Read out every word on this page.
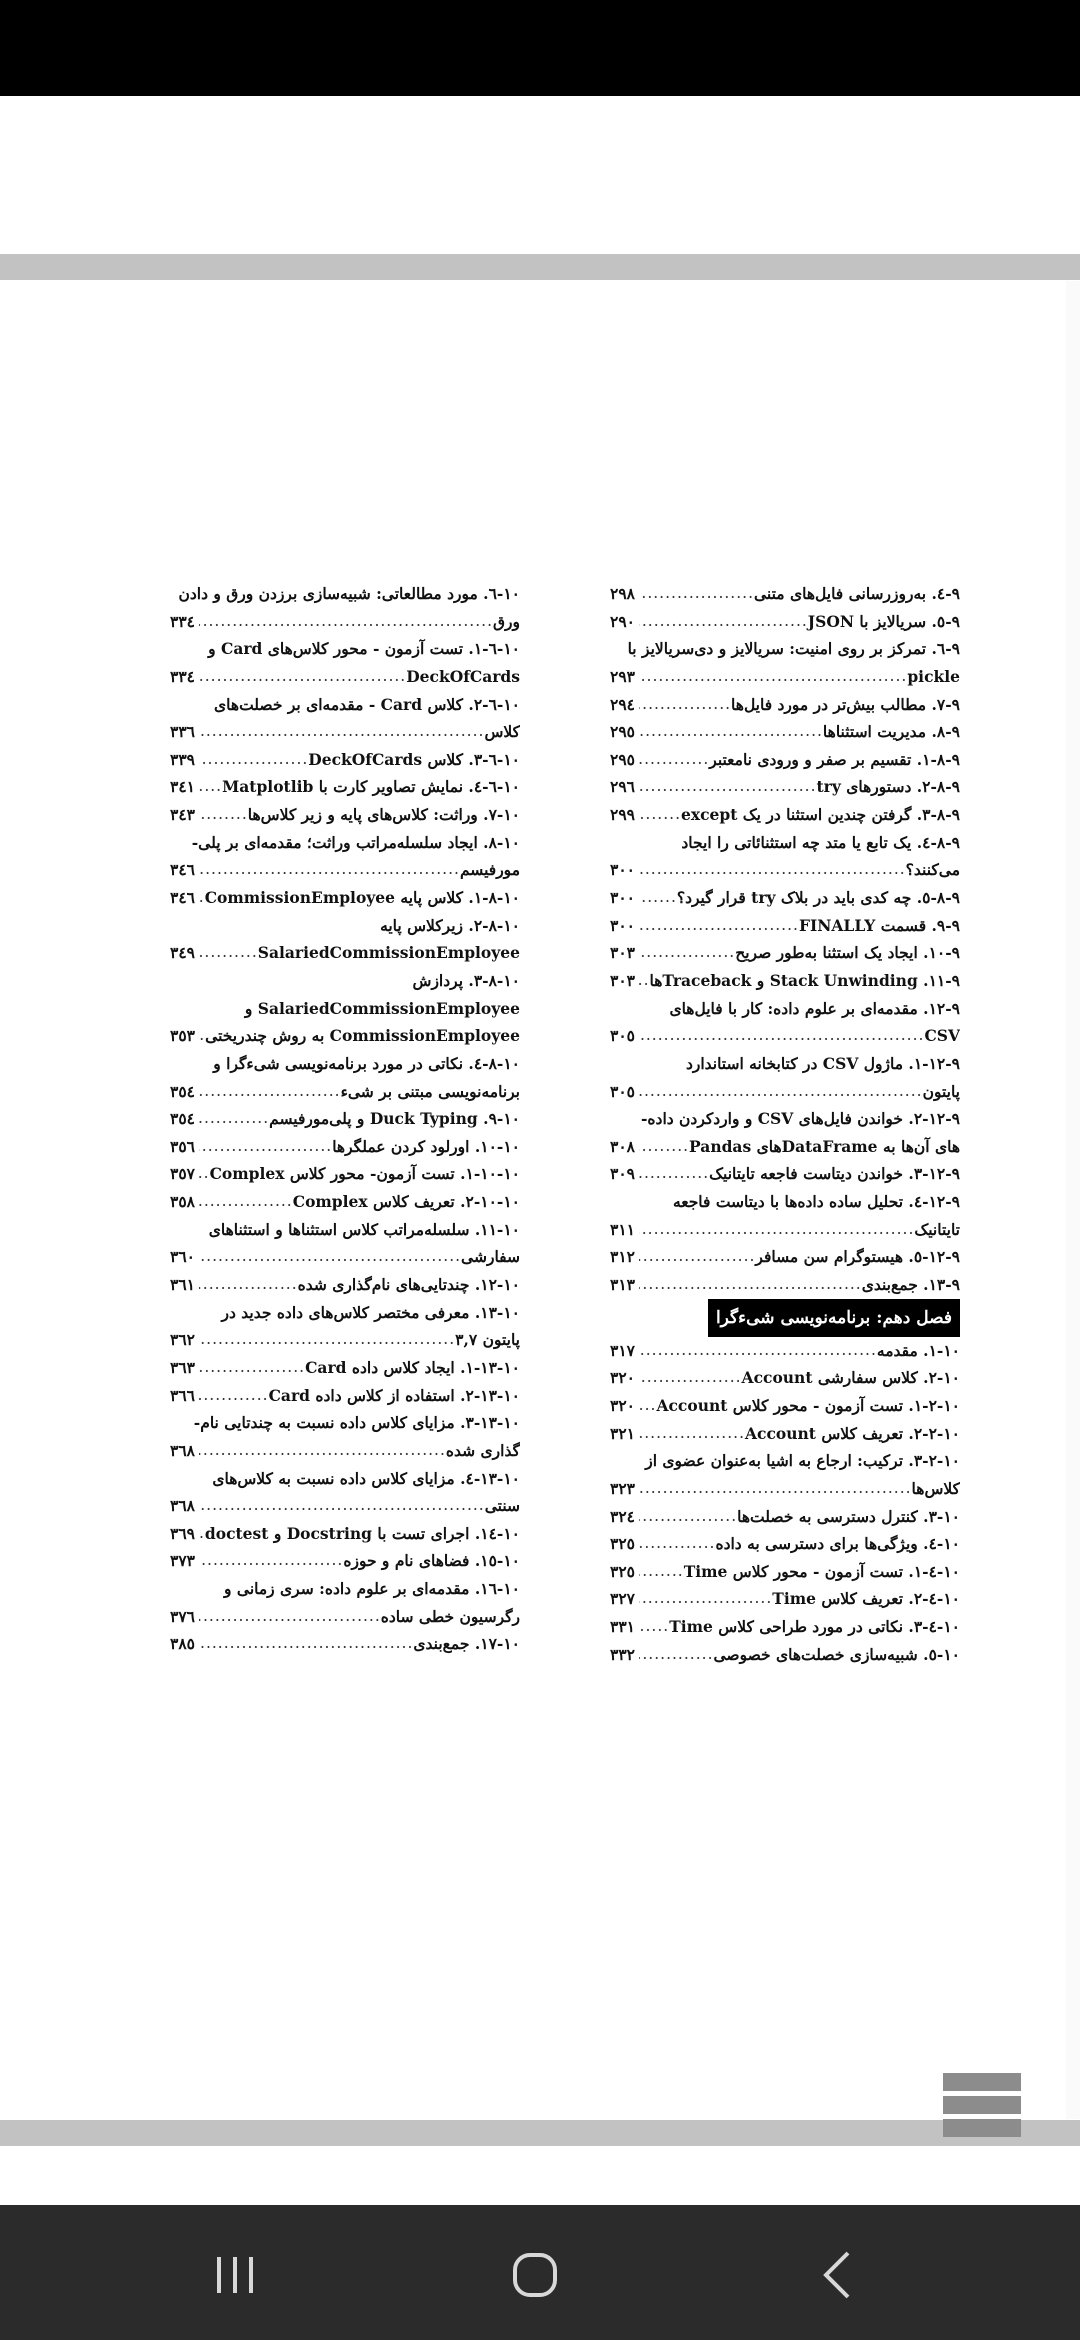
٩-٤. به‌روزرسانی فایل‌های متنی
.....
٢٩٨
٩-٥. سریالایز با JSON
.....
٢٩٠
٩-٦. تمرکز بر روی امنیت: سریالایز و دی‌سریالایز با
pickle
.....
٢٩٣
٩-٧. مطالب بیش‌تر در مورد فایل‌ها
.....
٢٩٤
٩-٨. مدیریت استثناها
.....
٢٩٥
٩-٨-١. تقسیم بر صفر و ورودی نامعتبر
.....
٢٩٥
٩-٨-٢. دستورهای try
.....
٢٩٦
٩-٨-٣. گرفتن چندین استثنا در یک except
.....
٢٩٩
٩-٨-٤. یک تابع یا متد چه استثنائاتی را ایجاد
می‌کنند؟
.....
٣٠٠
٩-٨-٥. چه کدی باید در بلاک try قرار گیرد؟
.....
٣٠٠
٩-٩. قسمت FINALLY
.....
٣٠٠
٩-١٠. ایجاد یک استثنا به‌طور صریح
.....
٣٠٣
٩-١١. Stack Unwinding و Traceback‌ها
.....
٣٠٣
٩-١٢. مقدمه‌ای بر علوم داده: کار با فایل‌های
CSV
.....
٣٠٥
٩-١٢-١. ماژول CSV در کتابخانه استاندارد
پایتون
.....
٣٠٥
٩-١٢-٢. خواندن فایل‌های CSV و واردکردن داده-
های آن‌ها به DataFrame‌های Pandas
.....
٣٠٨
٩-١٢-٣. خواندن دیتاست فاجعه تایتانیک
.....
٣٠٩
٩-١٢-٤. تحلیل ساده داده‌ها با دیتاست فاجعه
تایتانیک
.....
٣١١
٩-١٢-٥. هیستوگرام سن مسافر
.....
٣١٢
٩-١٣. جمع‌بندی
.....
٣١٣
فصل دهم: برنامه‌نویسی شیءگرا
١٠-١. مقدمه
.....
٣١٧
١٠-٢. کلاس سفارشی Account
.....
٣٢٠
١٠-٢-١. تست آزمون - محور کلاس Account
.....
٣٢٠
١٠-٢-٢. تعریف کلاس Account
.....
٣٢١
١٠-٢-٣. ترکیب: ارجاع به اشیا به‌عنوان عضوی از
کلاس‌ها
.....
٣٢٣
١٠-٣. کنترل دسترسی به خصلت‌ها
.....
٣٢٤
١٠-٤. ویژگی‌ها برای دسترسی به داده
.....
٣٢٥
١٠-٤-١. تست آزمون - محور کلاس Time
.....
٣٢٥
١٠-٤-٢. تعریف کلاس Time
.....
٣٢٧
١٠-٤-٣. نکاتی در مورد طراحی کلاس Time
.....
٣٣١
١٠-٥. شبیه‌سازی خصلت‌های خصوصی
.....
٣٣٢
١٠-٦. مورد مطالعاتی: شبیه‌سازی برزدن ورق و دادن
ورق
.....
٣٣٤
١٠-٦-١. تست آزمون - محور کلاس‌های Card و
DeckOfCards
.....
٣٣٤
١٠-٦-٢. کلاس Card - مقدمه‌ای بر خصلت‌های
کلاس
.....
٣٣٦
١٠-٦-٣. کلاس DeckOfCards
.....
٣٣٩
١٠-٦-٤. نمایش تصاویر کارت با Matplotlib
.....
٣٤١
١٠-٧. وراثت: کلاس‌های پایه و زیر کلاس‌ها
.....
٣٤٣
١٠-٨. ایجاد سلسله‌مراتب وراثت؛ مقدمه‌ای بر پلی-
مورفیسم
.....
٣٤٦
١٠-٨-١. کلاس پایه CommissionEmployee
.....
٣٤٦
١٠-٨-٢. زیرکلاس پایه
SalariedCommissionEmployee
.....
٣٤٩
١٠-٨-٣. پردازش
SalariedCommissionEmployee و
CommissionEmployee به روش چندریختی
.....
٣٥٣
١٠-٨-٤. نکاتی در مورد برنامه‌نویسی شیءگرا و
برنامه‌نویسی مبتنی بر شیء
.....
٣٥٤
١٠-٩. Duck Typing و پلی‌مورفیسم
.....
٣٥٤
١٠-١٠. اورلود کردن عملگرها
.....
٣٥٦
١٠-١٠-١. تست آزمون- محور کلاس Complex
.....
٣٥٧
١٠-١٠-٢. تعریف کلاس Complex
.....
٣٥٨
١٠-١١. سلسله‌مراتب کلاس استثناها و استثناهای
سفارشی
.....
٣٦٠
١٠-١٢. چندتایی‌های نام‌گذاری شده
.....
٣٦١
١٠-١٣. معرفی مختصر کلاس‌های داده جدید در
پایتون ٣,٧
.....
٣٦٢
١٠-١٣-١. ایجاد کلاس داده Card
.....
٣٦٣
١٠-١٣-٢. استفاده از کلاس داده Card
.....
٣٦٦
١٠-١٣-٣. مزایای کلاس داده نسبت به چندتایی نام-
گذاری شده
.....
٣٦٨
١٠-١٣-٤. مزایای کلاس داده نسبت به کلاس‌های
سنتی
.....
٣٦٨
١٠-١٤. اجرای تست با Docstring و doctest
.....
٣٦٩
١٠-١٥. فضاهای نام و حوزه
.....
٣٧٣
١٠-١٦. مقدمه‌ای بر علوم داده: سری زمانی و
رگرسیون خطی ساده
.....
٣٧٦
١٠-١٧. جمع‌بندی
.....
٣٨٥
